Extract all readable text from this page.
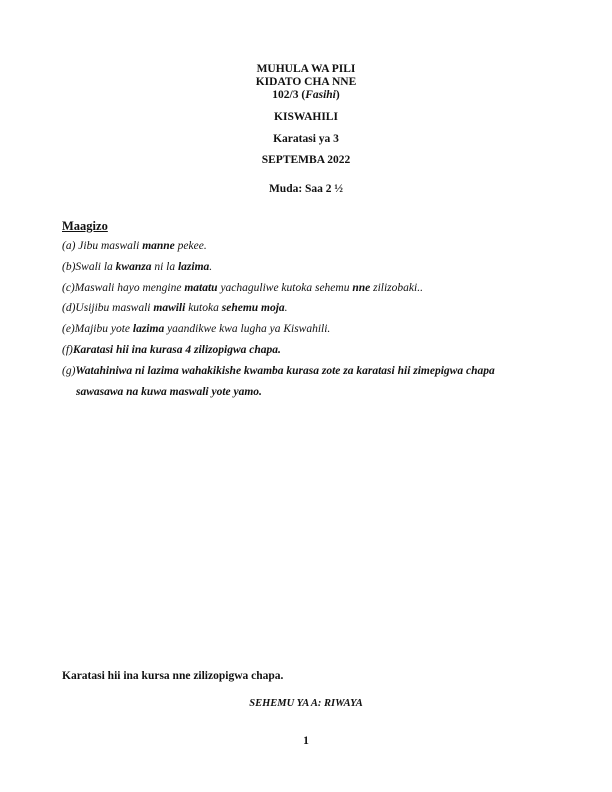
MUHULA WA PILI
KIDATO CHA NNE
102/3 (Fasihi)
KISWAHILI
Karatasi ya 3
SEPTEMBA 2022
Muda: Saa 2 ½
Maagizo
(a) Jibu maswali manne pekee.
(b)Swali la kwanza ni la lazima.
(c)Maswali hayo mengine matatu yachaguliwe kutoka sehemu nne zilizobaki..
(d)Usijibu maswali mawili kutoka sehemu moja.
(e)Majibu yote lazima yaandikwe kwa lugha ya Kiswahili.
(f)Karatasi hii ina kurasa 4 zilizopigwa chapa.
(g)Watahiniwa ni lazima wahakikishe kwamba kurasa zote za karatasi hii zimepigwa chapa
sawasawa na kuwa maswali yote yamo.
Karatasi hii ina kursa nne zilizopigwa chapa.
SEHEMU YA A: RIWAYA
1
